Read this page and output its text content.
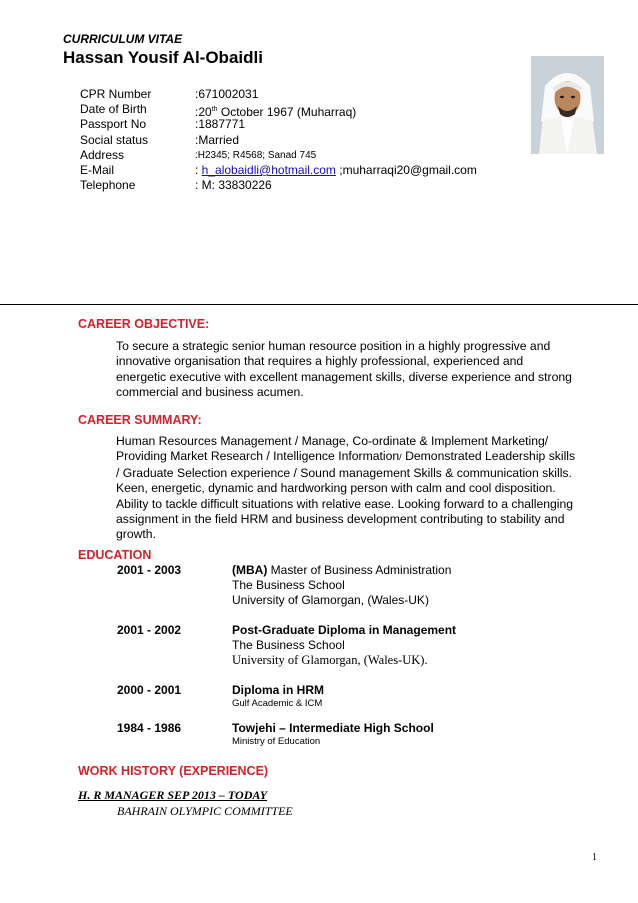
CURRICULUM VITAE
Hassan Yousif Al-Obaidli
CPR Number	:671002031
Date of Birth	:20th October 1967 (Muharraq)
Passport No	:1887771
Social status	:Married
Address	:H2345; R4568; Sanad 745
E-Mail	: h_alobaidli@hotmail.com ;muharraqi20@gmail.com
Telephone	: M: 33830226
CAREER OBJECTIVE:
To secure a strategic senior human resource position in a highly progressive and
innovative organisation that requires a highly professional, experienced and
energetic executive with excellent management skills, diverse experience and strong
commercial and business acumen.
CAREER SUMMARY:
Human Resources Management / Manage, Co-ordinate & Implement Marketing/
Providing Market Research / Intelligence Information/ Demonstrated Leadership skills
/ Graduate Selection experience / Sound management Skills & communication skills.
Keen, energetic, dynamic and hardworking person with calm and cool disposition.
Ability to tackle difficult situations with relative ease. Looking forward to a challenging
assignment in the field HRM and business development contributing to stability and
growth.
EDUCATION
2001 - 2003	(MBA) Master of Business Administration
The Business School
University of Glamorgan, (Wales-UK)
2001 - 2002	Post-Graduate Diploma in Management
The Business School
University of Glamorgan, (Wales-UK).
2000 - 2001	Diploma in HRM
Gulf Academic & ICM
1984 - 1986	Towjehi – Intermediate High School
Ministry of Education
WORK HISTORY (EXPERIENCE)
H. R MANAGER SEP 2013 – TODAY
BAHRAIN OLYMPIC COMMITTEE
1
